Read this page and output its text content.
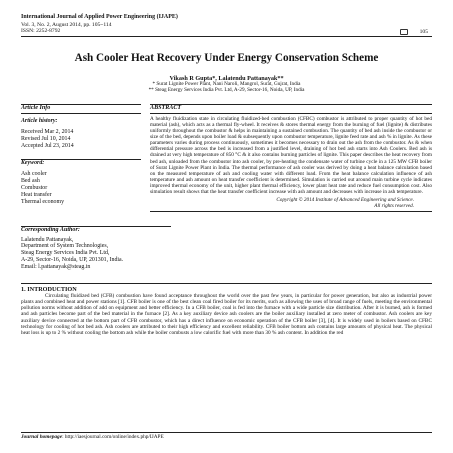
International Journal of Applied Power Engineering (IJAPE)
Vol. 3, No. 2, August 2014, pp. 105~114
ISSN: 2252-8792	105
Ash Cooler Heat Recovery Under Energy Conservation Scheme
Vikash R Gupta*, Lalatendu Pattanayak**
* Surat Lignite Power Plant, Nani Naroli, Mangrol, Surat, Gujrat, India
** Steag Energy Services India Pvt. Ltd, A-29, Sector-16, Noida, UP, India
Article Info
Article history:
Received Mar 2, 2014
Revised Jul 10, 2014
Accepted Jul 23, 2014
Keyword:
Ash cooler
Bed ash
Combustor
Heat transfer
Thermal economy
ABSTRACT
A healthy fluidization state in circulating fluidized-bed combustion (CFBC) combustor is attributed to proper quantity of hot bed material (ash), which acts as a thermal fly-wheel. It receives & stores thermal energy from the burning of fuel (lignite) & distributes uniformly throughout the combustor & helps in maintaining a sustained combustion. The quantity of bed ash inside the combustor or size of the bed, depends upon boiler load & subsequently upon combustor temperature, lignite feed rate and ash % in lignite. As these parameters varies during process continuously, sometimes it becomes necessary to drain out the ash from the combustor. As & when differential pressure across the bed is increased from a justified level, draining of hot bed ash starts into Ash Coolers. Bed ash is drained at very high temperature of 850 °C & it also contains burning particles of lignite. This paper describes the heat recovery from bed ash, unloaded from the combustor into ash cooler, by pre-heating the condensate water of turbine cycle in a 125 MW CFB boiler of Surat Lignite Power Plant in India. The thermal performance of ash cooler was derived by doing a heat balance calculation based on the measured temperature of ash and cooling water with different load. From the heat balance calculation influence of ash temperature and ash amount on heat transfer coefficient is determined. Simulation is carried out around main turbine cycle indicates improved thermal economy of the unit, higher plant thermal efficiency, lower plant heat rate and reduce fuel consumption cost. Also simulation result shows that the heat transfer coefficient increase with ash amount and decreases with increase in ash temperature.
Copyright © 2014 Institute of Advanced Engineering and Science.
All rights reserved.
Corresponding Author:
Lalatendu Pattanayak,
Department of System Technologies,
Steag Energy Services India Pvt. Ltd,
A-29, Sector-16, Noida, UP, 201301, India.
Email: l.pattanayak@steag.in
1. INTRODUCTION
Circulating fluidized bed (CFB) combustion have found acceptance throughout the world over the past few years, in particular for power generation, but also as industrial power plants and combined heat and power stations [1]. CFB boiler is one of the best clean coal fired boiler for its merits, such as allowing the uses of broad range of fuels, meeting the environmental pollution norms without addition of add on equipment and better efficiency. In a CFB boiler, coal is fed into the furnace with a wide particle size distribution. After it is burned, ash is formed and ash particles become part of the bed material in the furnace [2]. As a key auxiliary device ash coolers are the boiler auxiliary installed at zero meter of combustor. Ash coolers are key auxiliary device connected at the bottom part of CFB combustor, which has a direct influence on economic operation of the CFB boiler [3], [4]. It is widely used in boilers based on CFBC technology for cooling of hot bed ash. Ash coolers are attributed to their high efficiency and excellent reliability. CFB boiler bottom ash contains large amounts of physical heat. The physical heat loss is up to 2 % without cooling the bottom ash while the boiler combusts a low calorific fuel with more than 30 % ash content. In addition the red
Journal homepage: http://iaesjournal.com/online/index.php/IJAPE
